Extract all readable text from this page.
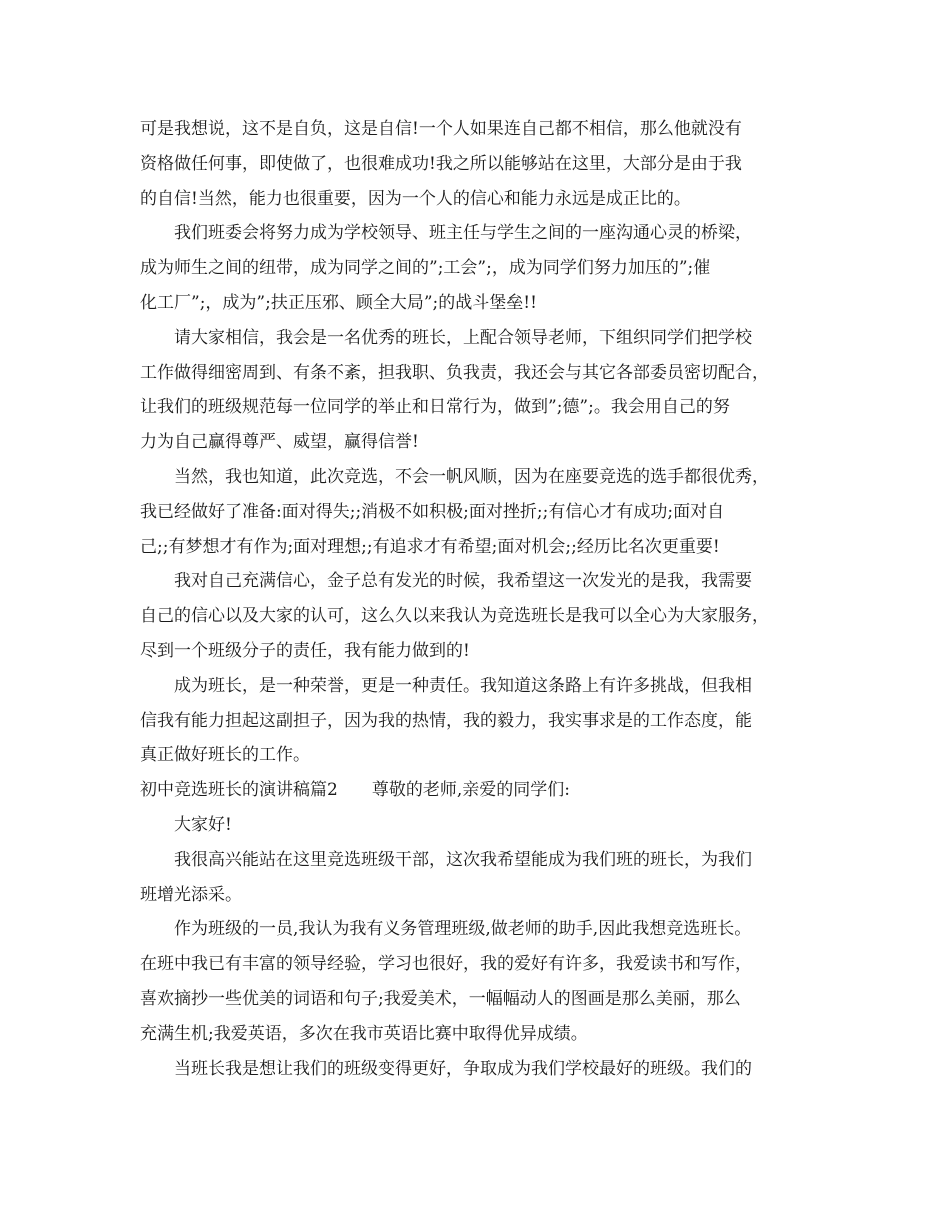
可是我想说，这不是自负，这是自信!一个人如果连自己都不相信，那么他就没有
资格做任何事，即使做了，也很难成功!我之所以能够站在这里，大部分是由于我
的自信!当然，能力也很重要，因为一个人的信心和能力永远是成正比的。
我们班委会将努力成为学校领导、班主任与学生之间的一座沟通心灵的桥梁，
成为师生之间的纽带，成为同学之间的”;工会”;，成为同学们努力加压的”;催
化工厂”;，成为”;扶正压邪、顾全大局”;的战斗堡垒!!
请大家相信，我会是一名优秀的班长，上配合领导老师，下组织同学们把学校
工作做得细密周到、有条不紊，担我职、负我责，我还会与其它各部委员密切配合，
让我们的班级规范每一位同学的举止和日常行为，做到”;德”;。我会用自己的努
力为自己赢得尊严、威望，赢得信誉!
当然，我也知道，此次竞选，不会一帆风顺，因为在座要竞选的选手都很优秀，
我已经做好了准备:面对得失;;消极不如积极;面对挫折;;有信心才有成功;面对自
己;;有梦想才有作为;面对理想;;有追求才有希望;面对机会;;经历比名次更重要!
我对自己充满信心，金子总有发光的时候，我希望这一次发光的是我，我需要
自己的信心以及大家的认可，这么久以来我认为竞选班长是我可以全心为大家服务，
尽到一个班级分子的责任，我有能力做到的!
成为班长，是一种荣誉，更是一种责任。我知道这条路上有许多挑战，但我相
信我有能力担起这副担子，因为我的热情，我的毅力，我实事求是的工作态度，能
真正做好班长的工作。
初中竞选班长的演讲稿篇2 尊敬的老师,亲爱的同学们:
大家好!
我很高兴能站在这里竞选班级干部，这次我希望能成为我们班的班长，为我们
班增光添采。
作为班级的一员,我认为我有义务管理班级,做老师的助手,因此我想竞选班长。
在班中我已有丰富的领导经验，学习也很好，我的爱好有许多，我爱读书和写作，
喜欢摘抄一些优美的词语和句子;我爱美术，一幅幅动人的图画是那么美丽，那么
充满生机;我爱英语，多次在我市英语比赛中取得优异成绩。
当班长我是想让我们的班级变得更好，争取成为我们学校最好的班级。我们的
